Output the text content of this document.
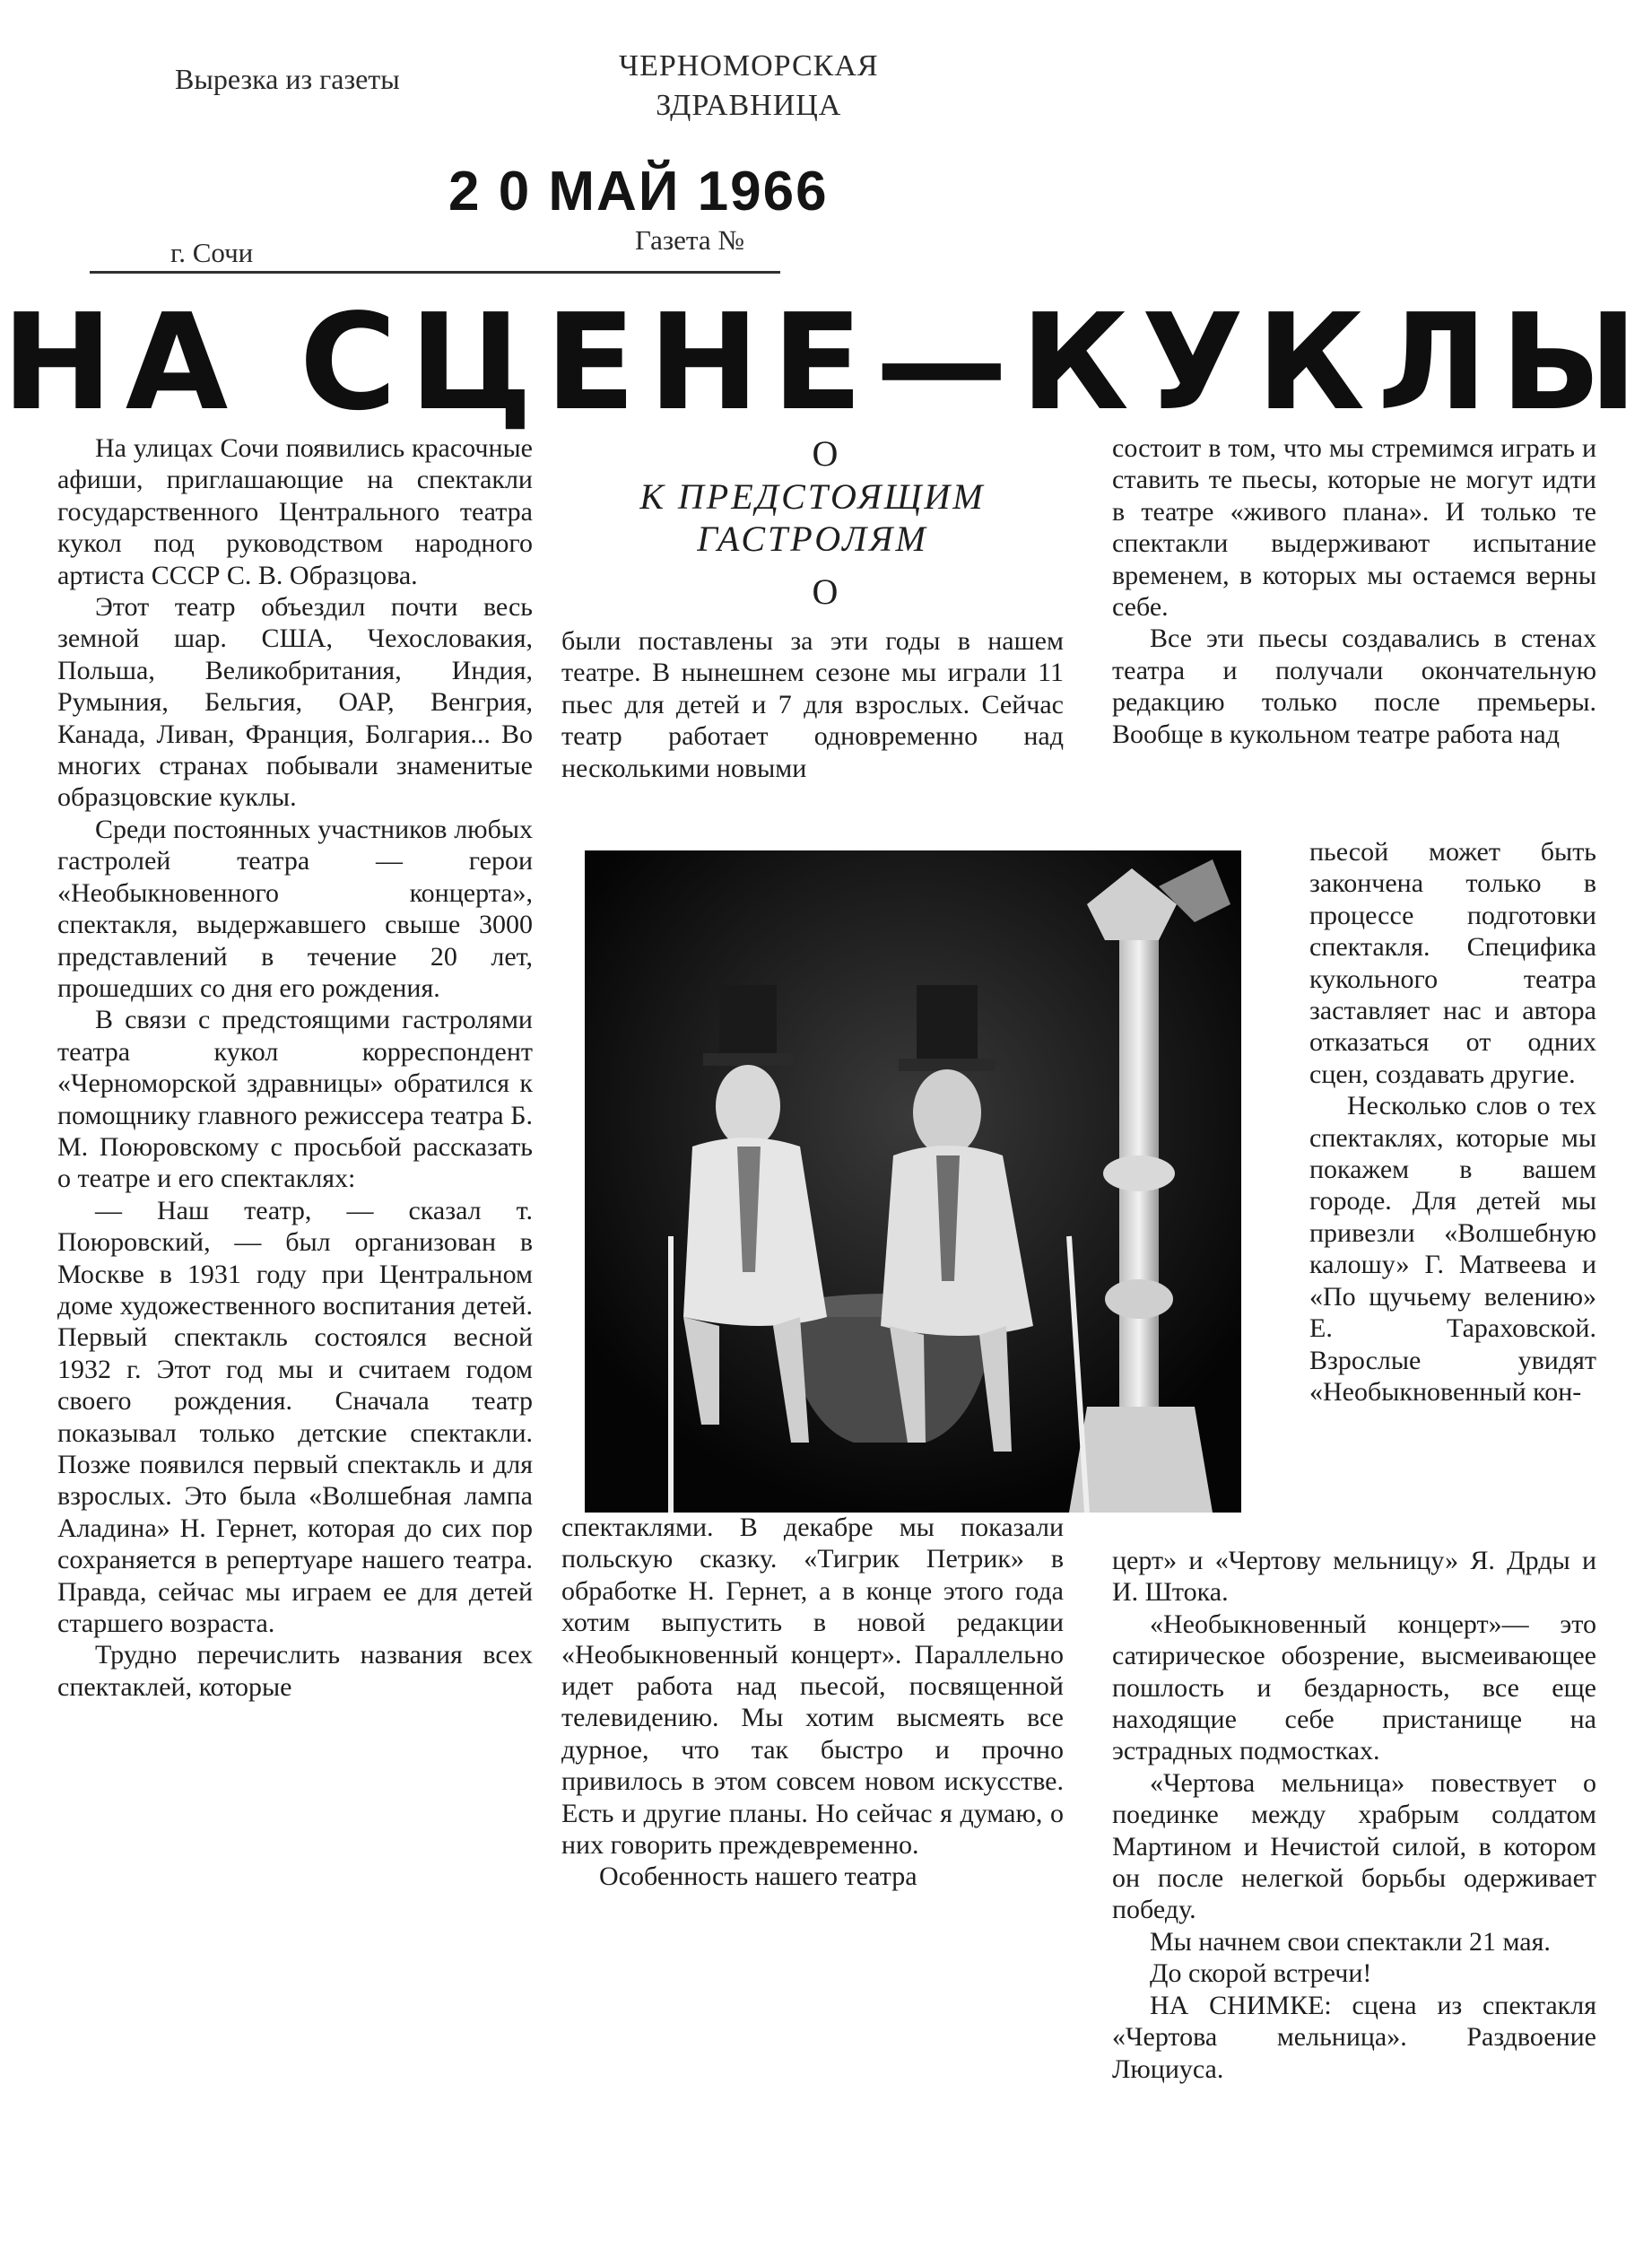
Вырезка из газеты	ЧЕРНОМОРСКАЯ
ЗДРАВНИЦА
2 0 МАЙ 1966
г. Сочи	Газета №
НА СЦЕНЕ—КУКЛЫ

На улицах Сочи появились красочные афиши, приглашающие на спектакли государственного Центрального театра кукол под руководством народного артиста СССР С. В. Образцова.

Этот театр объездил почти весь земной шар. США, Чехословакия, Польша, Великобритания, Индия, Румыния, Бельгия, ОАР, Венгрия, Канада, Ливан, Франция, Болгария... Во многих странах побывали знаменитые образцовские куклы.

Среди постоянных участников любых гастролей театра — герои «Необыкновенного концерта», спектакля, выдержавшего свыше 3000 представлений в течение 20 лет, прошедших со дня его рождения.

В связи с предстоящими гастролями театра кукол корреспондент «Черноморской здравницы» обратился к помощнику главного режиссера театра Б. М. Поюровскому с просьбой рассказать о театре и его спектаклях:

— Наш театр, — сказал т. Поюровский, — был организован в Москве в 1931 году при Центральном доме художественного воспитания детей. Первый спектакль состоялся весной 1932 г. Этот год мы и считаем годом своего рождения. Сначала театр показывал только детские спектакли. Позже появился первый спектакль и для взрослых. Это была «Волшебная лампа Аладина» Н. Гернет, которая до сих пор сохраняется в репертуаре нашего театра. Правда, сейчас мы играем ее для детей старшего возраста.

Трудно перечислить названия всех спектаклей, которые

О
К ПРЕДСТОЯЩИМ
ГАСТРОЛЯМ
О

были поставлены за эти годы в нашем театре. В нынешнем сезоне мы играли 11 пьес для детей и 7 для взрослых. Сейчас театр работает одновременно над несколькими новыми

спектаклями. В декабре мы показали польскую сказку. «Тигрик Петрик» в обработке Н. Гернет, а в конце этого года хотим выпустить в новой редакции «Необыкновенный концерт». Параллельно идет работа над пьесой, посвященной телевидению. Мы хотим высмеять все дурное, что так быстро и прочно привилось в этом совсем новом искусстве. Есть и другие планы. Но сейчас я думаю, о них говорить преждевременно.

Особенность нашего театра

состоит в том, что мы стремимся играть и ставить те пьесы, которые не могут идти в театре «живого плана». И только те спектакли выдерживают испытание временем, в которых мы остаемся верны себе.

Все эти пьесы создавались в стенах театра и получали окончательную редакцию только после премьеры. Вообще в кукольном театре работа над

пьесой может быть закончена только в процессе подготовки спектакля. Специфика кукольного театра заставляет нас и автора отказаться от одних сцен, создавать другие.

Несколько слов о тех спектаклях, которые мы покажем в вашем городе. Для детей мы привезли «Волшебную калошу» Г. Матвеева и «По щучьему велению» Е. Тараховской. Взрослые увидят «Необыкновенный кон-

церт» и «Чертову мельницу» Я. Дрды и И. Штока.

«Необыкновенный концерт»— это сатирическое обозрение, высмеивающее пошлость и бездарность, все еще находящие себе пристанище на эстрадных подмостках.

«Чертова мельница» повествует о поединке между храбрым солдатом Мартином и Нечистой силой, в котором он после нелегкой борьбы одерживает победу.

Мы начнем свои спектакли 21 мая.

До скорой встречи!

НА СНИМКЕ: сцена из спектакля «Чертова мельница». Раздвоение Люциуса.
